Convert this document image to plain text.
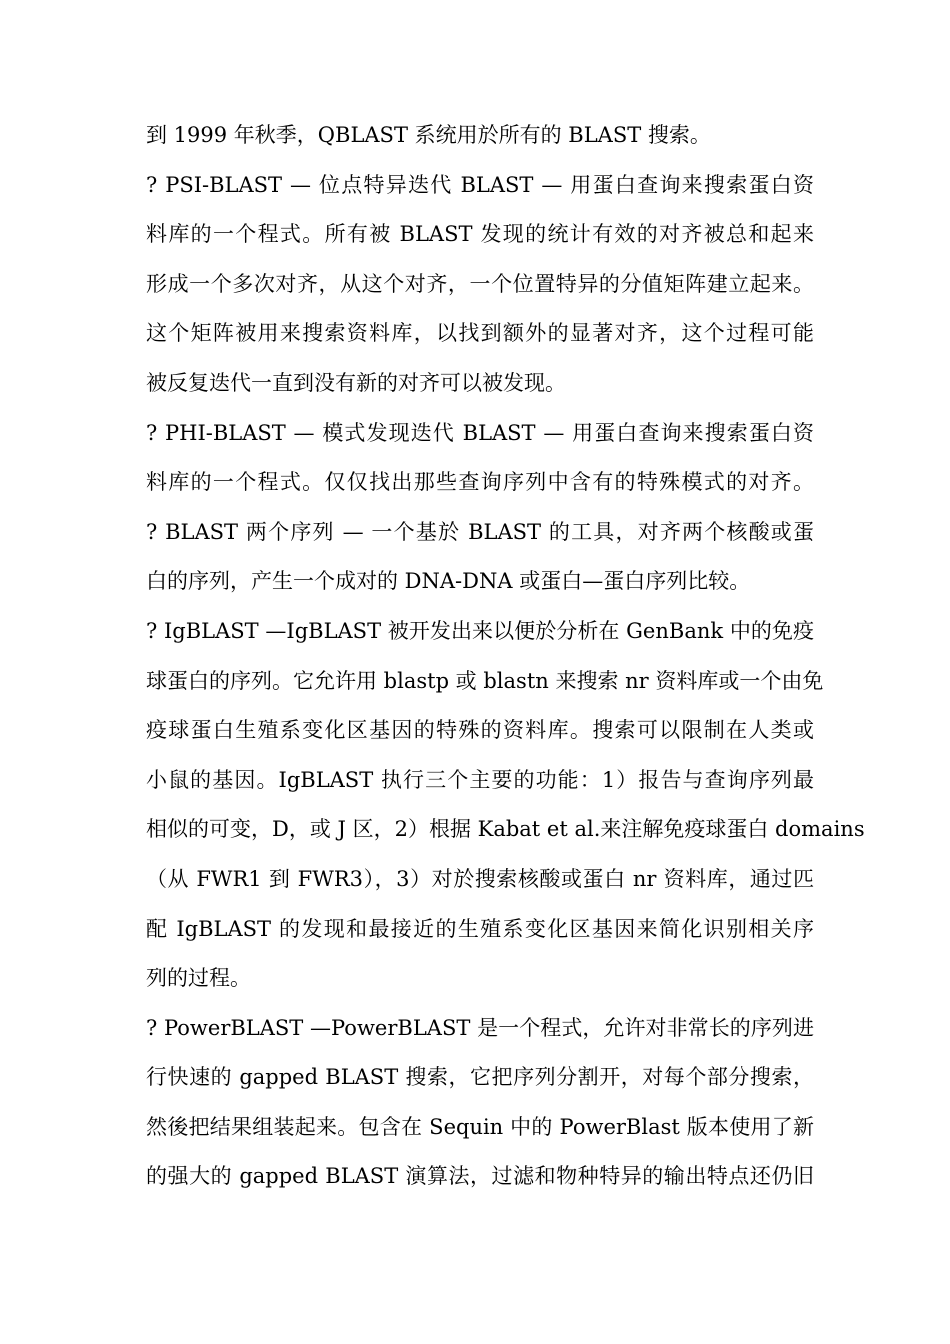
到 1999 年秋季，QBLAST 系统用於所有的 BLAST 搜索。
? PSI-BLAST — 位点特异迭代 BLAST — 用蛋白查询来搜索蛋白资
料库的一个程式。所有被 BLAST 发现的统计有效的对齐被总和起来
形成一个多次对齐，从这个对齐，一个位置特异的分值矩阵建立起来。
这个矩阵被用来搜索资料库，以找到额外的显著对齐，这个过程可能
被反复迭代一直到没有新的对齐可以被发现。
? PHI-BLAST — 模式发现迭代 BLAST — 用蛋白查询来搜索蛋白资
料库的一个程式。仅仅找出那些查询序列中含有的特殊模式的对齐。
? BLAST 两个序列 — 一个基於 BLAST 的工具，对齐两个核酸或蛋
白的序列，产生一个成对的 DNA-DNA 或蛋白—蛋白序列比较。
? IgBLAST —IgBLAST 被开发出来以便於分析在 GenBank 中的免疫
球蛋白的序列。它允许用 blastp 或 blastn 来搜索 nr 资料库或一个由免
疫球蛋白生殖系变化区基因的特殊的资料库。搜索可以限制在人类或
小鼠的基因。IgBLAST 执行三个主要的功能：1）报告与查询序列最
相似的可变，D，或 J 区，2）根据 Kabat et al.来注解免疫球蛋白 domains
（从 FWR1 到 FWR3），3）对於搜索核酸或蛋白 nr 资料库，通过匹
配 IgBLAST 的发现和最接近的生殖系变化区基因来简化识别相关序
列的过程。
? PowerBLAST —PowerBLAST 是一个程式，允许对非常长的序列进
行快速的 gapped BLAST 搜索，它把序列分割开，对每个部分搜索，
然後把结果组装起来。包含在 Sequin 中的 PowerBlast 版本使用了新
的强大的 gapped BLAST 演算法，过滤和物种特异的输出特点还仍旧
